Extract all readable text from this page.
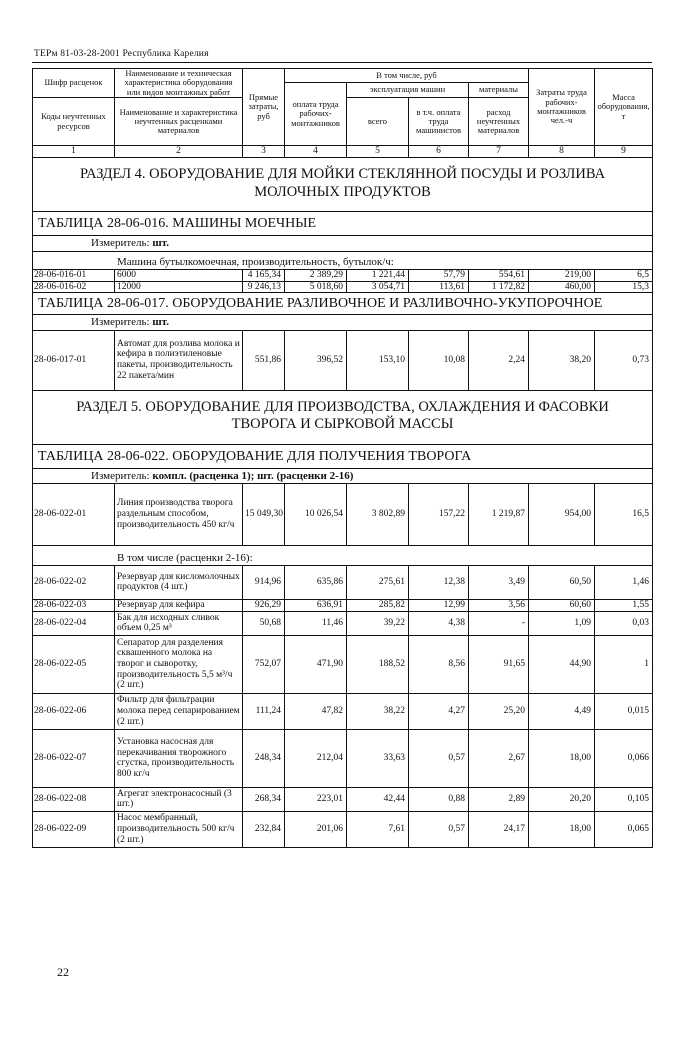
ТЕРм 81-03-28-2001 Республика Карелия
Шифр расценок	Наименование и техническая характеристика оборудования или видов монтажных работ	Прямые затраты, руб	В том числе, руб				Затраты труда рабочих-монтажников чел.-ч	Масса оборудования, т
			оплата труда рабочих-монтажников	эксплуатация машин		материалы		
Коды неучтенных ресурсов	Наименование и характеристика неучтенных расценками материалов			всего	в т.ч. оплата труда машинистов	расход неучтенных материалов		

1	2	3	4	5	6	7	8	9
РАЗДЕЛ 4. ОБОРУДОВАНИЕ ДЛЯ МОЙКИ СТЕКЛЯННОЙ ПОСУДЫ И РОЗЛИВА МОЛОЧНЫХ ПРОДУКТОВ								
ТАБЛИЦА 28-06-016. МАШИНЫ МОЕЧНЫЕ								
Измеритель: шт.								
Машина бутылкомоечная, производительность, бутылок/ч:								
28-06-016-01	6000	4 165,34	2 389,29	1 221,44	57,79	554,61	219,00	6,5
28-06-016-02	12000	9 246,13	5 018,60	3 054,71	113,61	1 172,82	460,00	15,3
ТАБЛИЦА 28-06-017. ОБОРУДОВАНИЕ РАЗЛИВОЧНОЕ И РАЗЛИВОЧНО-УКУПОРОЧНОЕ								
Измеритель: шт.								
28-06-017-01	Автомат для розлива молока и кефира в полиэтиленовые пакеты, производительность 22 пакета/мин	551,86	396,52	153,10	10,08	2,24	38,20	0,73
РАЗДЕЛ 5. ОБОРУДОВАНИЕ ДЛЯ ПРОИЗВОДСТВА, ОХЛАЖДЕНИЯ И ФАСОВКИ ТВОРОГА И СЫРКОВОЙ МАССЫ								
ТАБЛИЦА 28-06-022. ОБОРУДОВАНИЕ ДЛЯ ПОЛУЧЕНИЯ ТВОРОГА								
Измеритель: компл. (расценка 1); шт. (расценки 2-16)								
28-06-022-01	Линия производства творога раздельным способом, производительность 450 кг/ч	15 049,30	10 026,54	3 802,89	157,22	1 219,87	954,00	16,5
В том числе (расценки 2-16):								
28-06-022-02	Резервуар для кисломолочных продуктов (4 шт.)	914,96	635,86	275,61	12,38	3,49	60,50	1,46
28-06-022-03	Резервуар для кефира	926,29	636,91	285,82	12,99	3,56	60,60	1,55
28-06-022-04	Бак для исходных сливок объем 0,25 м³	50,68	11,46	39,22	4,38	-	1,09	0,03
28-06-022-05	Сепаратор для разделения сквашенного молока на творог и сыворотку, производительность 5,5 м³/ч (2 шт.)	752,07	471,90	188,52	8,56	91,65	44,90	1
28-06-022-06	Фильтр для фильтрации молока перед сепарированием (2 шт.)	111,24	47,82	38,22	4,27	25,20	4,49	0,015
28-06-022-07	Установка насосная для перекачивания творожного сгустка, производительность 800 кг/ч	248,34	212,04	33,63	0,57	2,67	18,00	0,066
28-06-022-08	Агрегат электронасосный (3 шт.)	268,34	223,01	42,44	0,88	2,89	20,20	0,105
28-06-022-09	Насос мембранный, производительность 500 кг/ч (2 шт.)	232,84	201,06	7,61	0,57	24,17	18,00	0,065
22
